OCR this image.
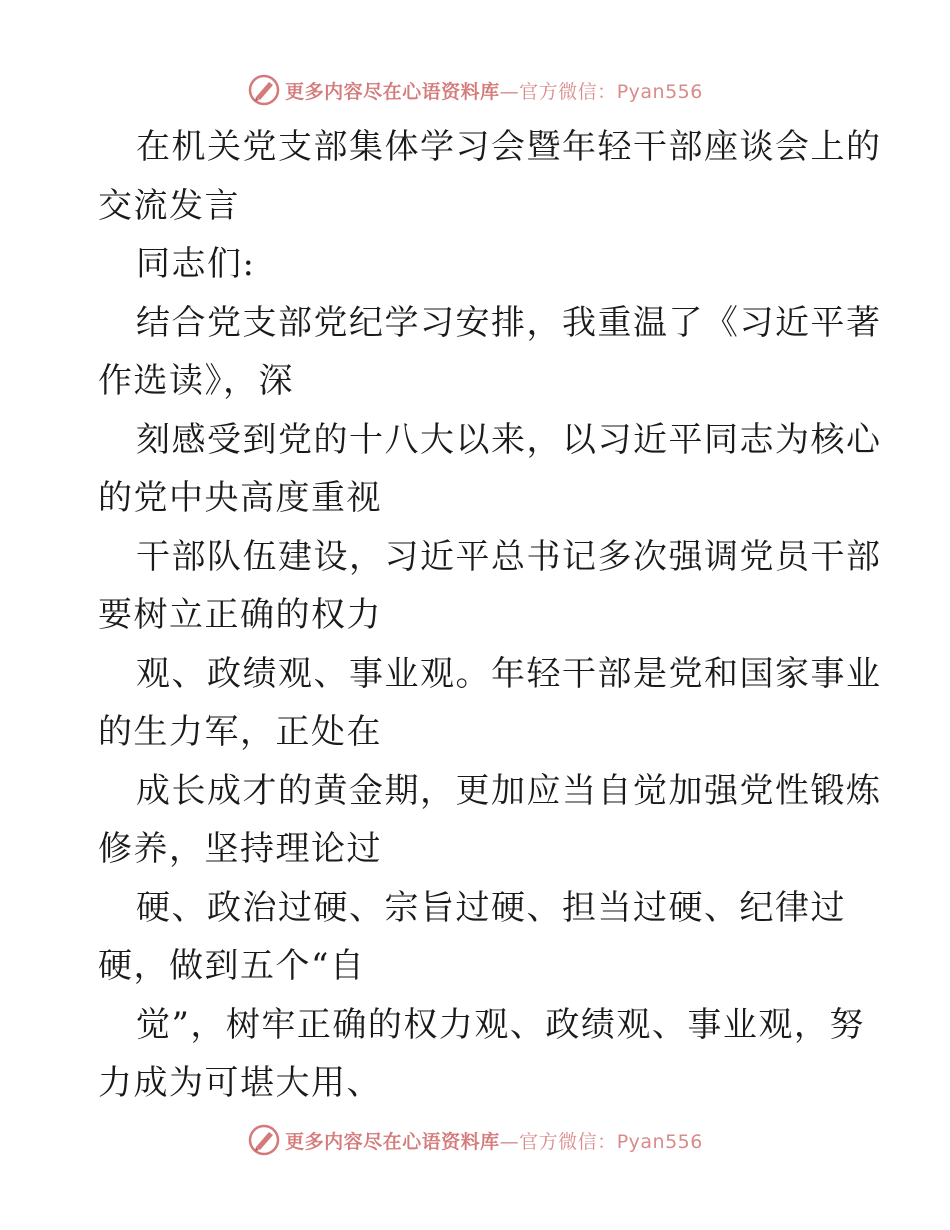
更多内容尽在心语资料库—官方微信：Pyan556
在机关党支部集体学习会暨年轻干部座谈会上的
交流发言
同志们:
结合党支部党纪学习安排，我重温了《习近平著
作选读》，深
刻感受到党的十八大以来，以习近平同志为核心
的党中央高度重视
干部队伍建设，习近平总书记多次强调党员干部
要树立正确的权力
观、政绩观、事业观。年轻干部是党和国家事业
的生力军，正处在
成长成才的黄金期，更加应当自觉加强党性锻炼
修养，坚持理论过
硬、政治过硬、宗旨过硬、担当过硬、纪律过
硬，做到五个“自
觉”，树牢正确的权力观、政绩观、事业观，努
力成为可堪大用、
更多内容尽在心语资料库—官方微信：Pyan556
